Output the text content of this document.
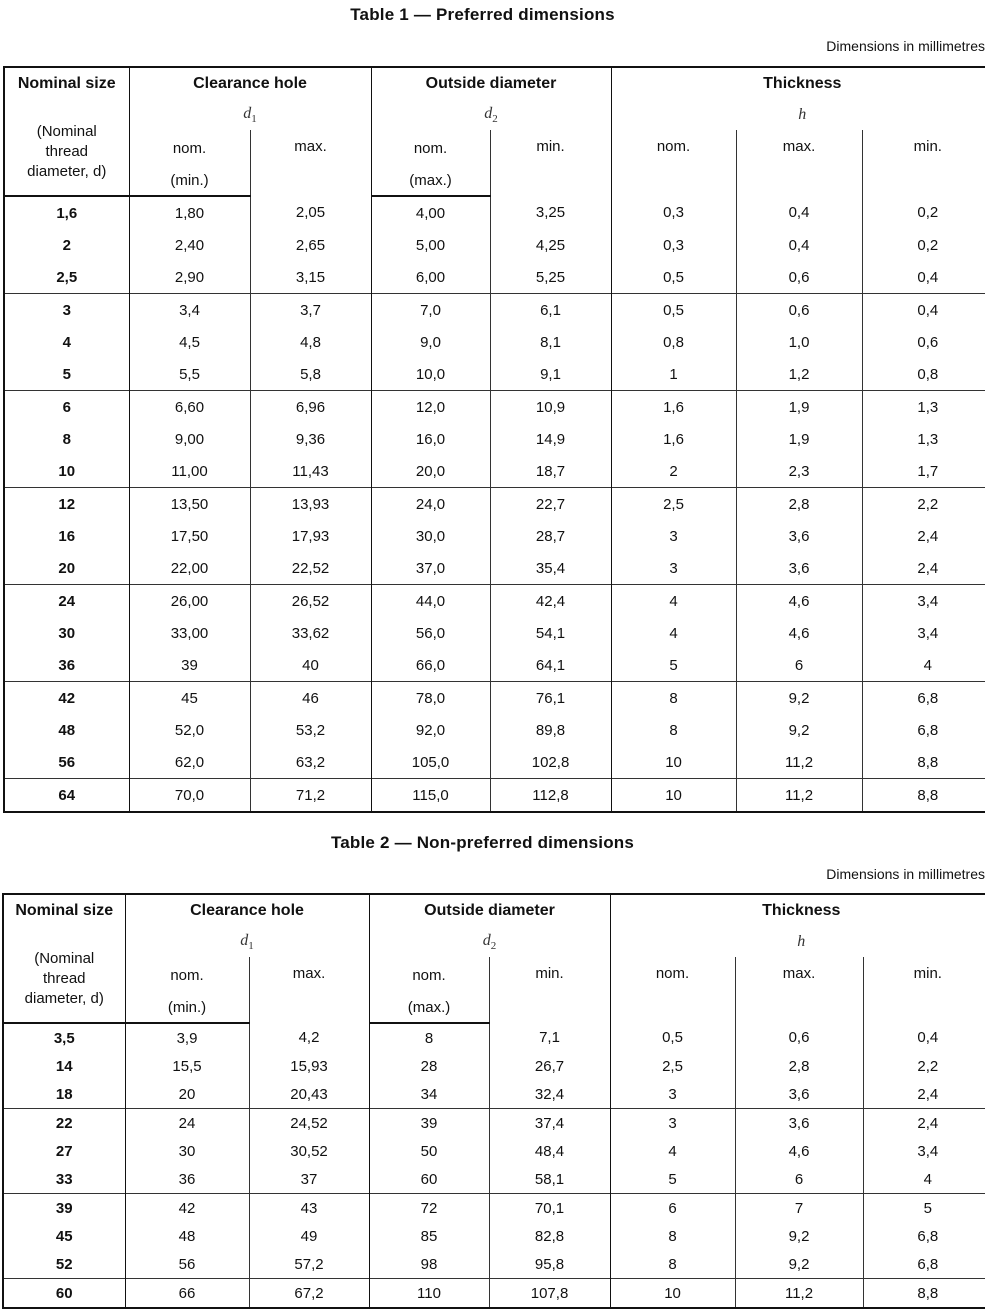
Table 1 — Preferred dimensions
Dimensions in millimetres
Nominal size	Clearance hole		Outside diameter		Thickness		

(Nominal
thread
diameter, d)	$d_1$		$d_2$		h		
	nom.	max.	nom.	min.	nom.	max.	min.
	(min.)		(max.)				
1,6	1,80	2,05	4,00	3,25	0,3	0,4	0,2
2	2,40	2,65	5,00	4,25	0,3	0,4	0,2
2,5	2,90	3,15	6,00	5,25	0,5	0,6	0,4
3	3,4	3,7	7,0	6,1	0,5	0,6	0,4
4	4,5	4,8	9,0	8,1	0,8	1,0	0,6
5	5,5	5,8	10,0	9,1	1	1,2	0,8
6	6,60	6,96	12,0	10,9	1,6	1,9	1,3
8	9,00	9,36	16,0	14,9	1,6	1,9	1,3
10	11,00	11,43	20,0	18,7	2	2,3	1,7
12	13,50	13,93	24,0	22,7	2,5	2,8	2,2
16	17,50	17,93	30,0	28,7	3	3,6	2,4
20	22,00	22,52	37,0	35,4	3	3,6	2,4
24	26,00	26,52	44,0	42,4	4	4,6	3,4
30	33,00	33,62	56,0	54,1	4	4,6	3,4
36	39	40	66,0	64,1	5	6	4
42	45	46	78,0	76,1	8	9,2	6,8
48	52,0	53,2	92,0	89,8	8	9,2	6,8
56	62,0	63,2	105,0	102,8	10	11,2	8,8
64	70,0	71,2	115,0	112,8	10	11,2	8,8
Table 2 — Non-preferred dimensions
Dimensions in millimetres
Nominal size	Clearance hole		Outside diameter		Thickness		

(Nominal
thread
diameter, d)	$d_1$		$d_2$		h		
	nom.	max.	nom.	min.	nom.	max.	min.
	(min.)		(max.)				
3,5	3,9	4,2	8	7,1	0,5	0,6	0,4
14	15,5	15,93	28	26,7	2,5	2,8	2,2
18	20	20,43	34	32,4	3	3,6	2,4
22	24	24,52	39	37,4	3	3,6	2,4
27	30	30,52	50	48,4	4	4,6	3,4
33	36	37	60	58,1	5	6	4
39	42	43	72	70,1	6	7	5
45	48	49	85	82,8	8	9,2	6,8
52	56	57,2	98	95,8	8	9,2	6,8
60	66	67,2	110	107,8	10	11,2	8,8
